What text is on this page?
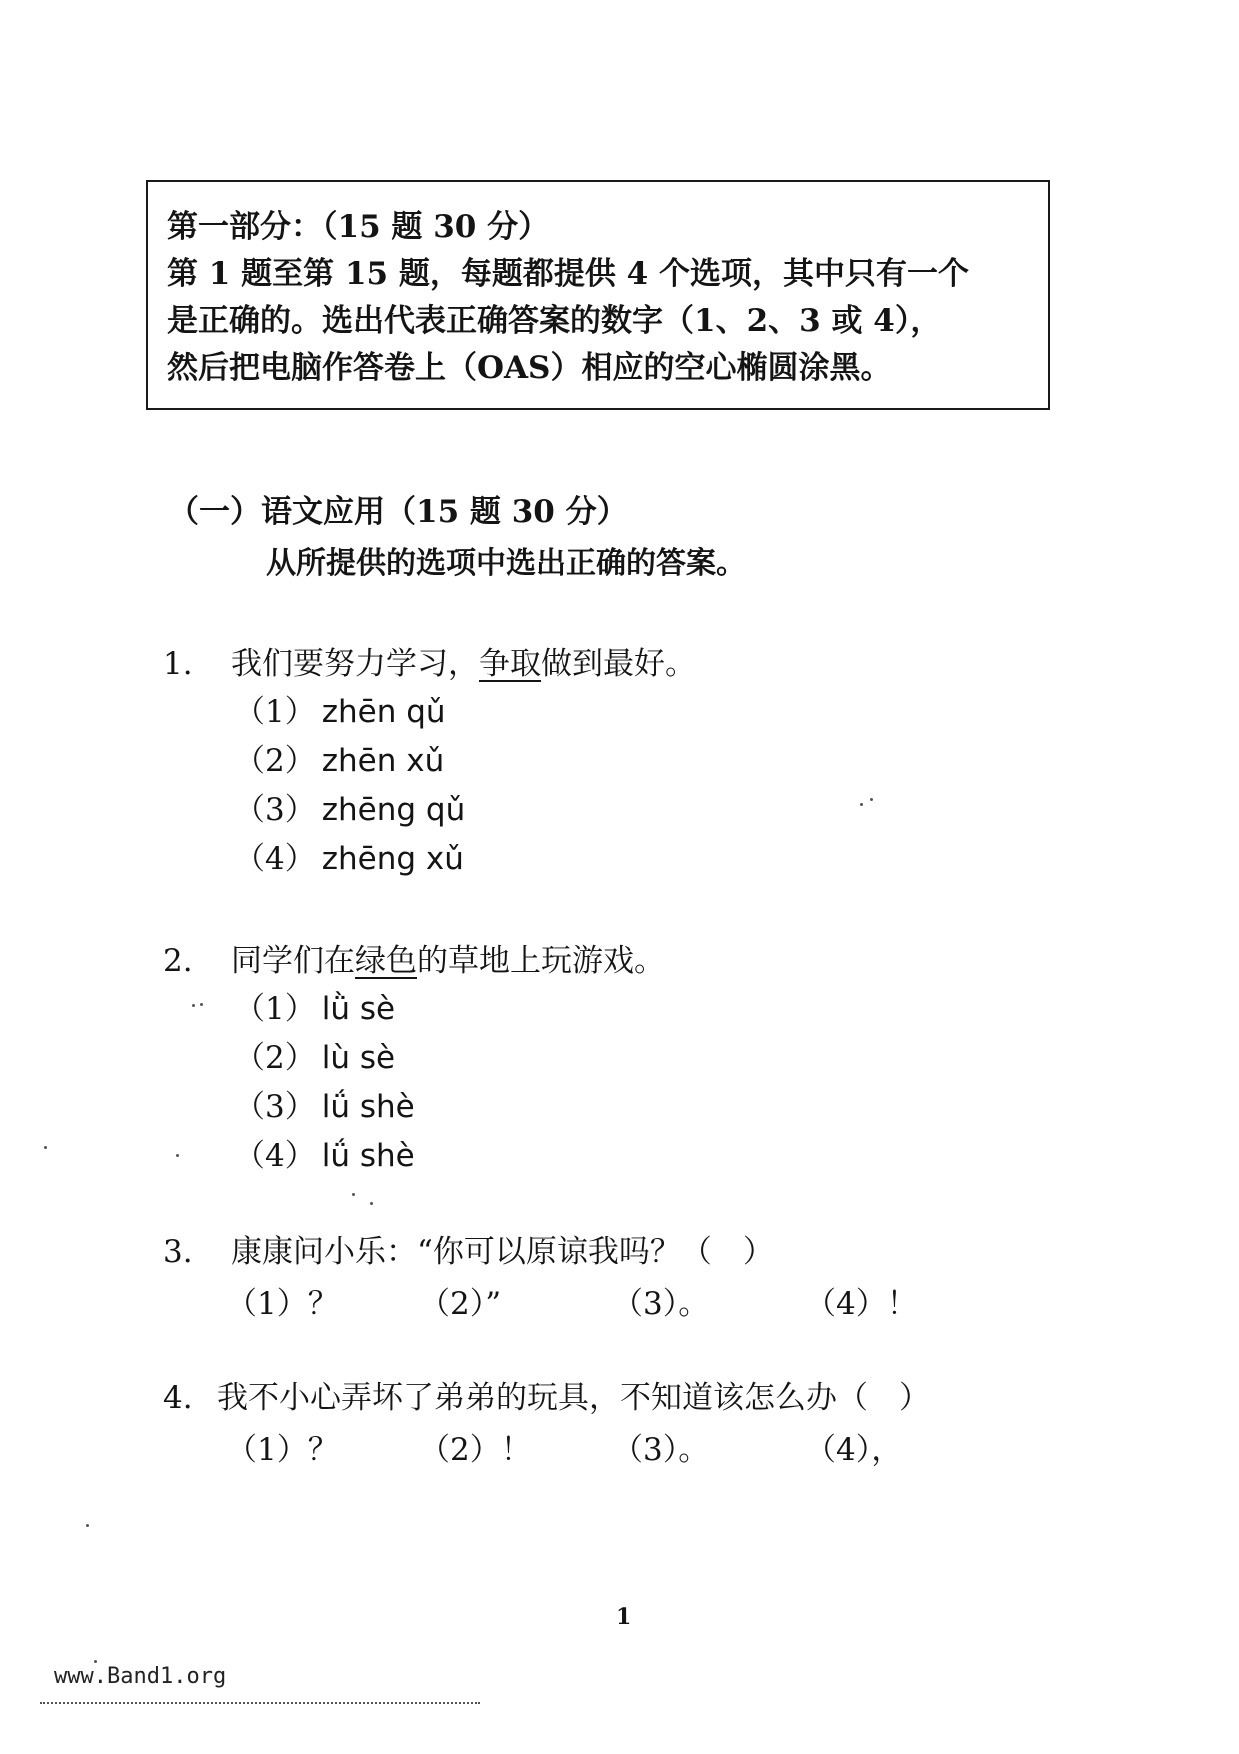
第一部分：（15 题 30 分）

第 1 题至第 15 题，每题都提供 4 个选项，其中只有一个

是正确的。选出代表正确答案的数字（1、2、3 或 4），

然后把电脑作答卷上（OAS）相应的空心椭圆涂黑。

（一）语文应用（15 题 30 分）
从所提供的选项中选出正确的答案。
1. 我们要努力学习，争取做到最好。
（1） zhēn qǔ
（2） zhēn xǔ
（3） zhēng qǔ
（4） zhēng xǔ
2. 同学们在绿色的草地上玩游戏。
（1） lǜ sè
（2） lù sè
（3） lǘ shè
（4） lǘ shè
3. 康康问小乐：“你可以原谅我吗？（　）
（1）？	（2）”	（3）。	（4）！
4. 我不小心弄坏了弟弟的玩具，不知道该怎么办（　）
（1）？	（2）！	（3）。	（4），
1
www.Band1.org
